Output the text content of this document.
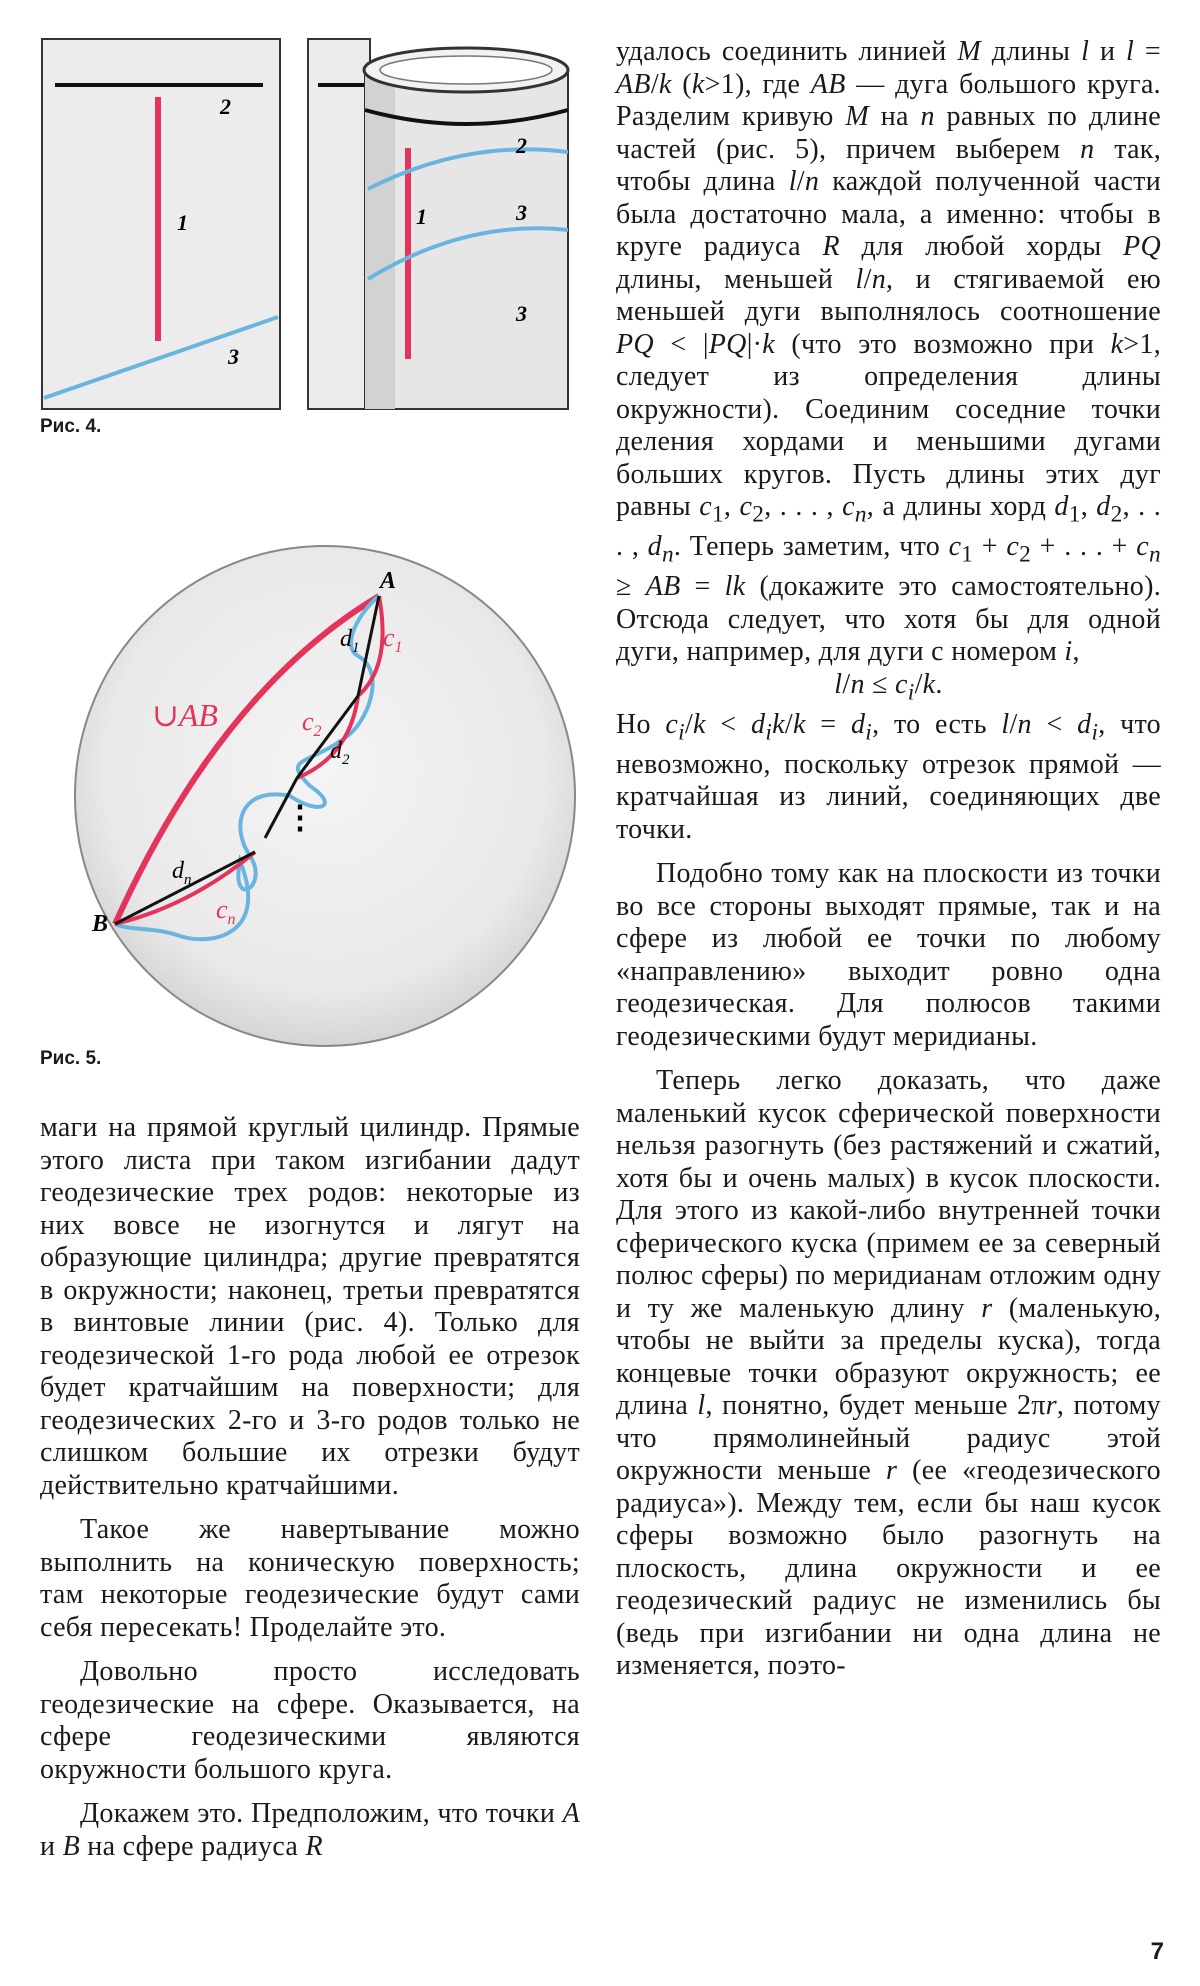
2
1
3
1
2
3
3
Рис. 4.
A
B
∪AB
$d_1$ $c_1$
$c_2$
$d_2$
⋮
$d_n$
$c_n$
Рис. 5.

маги на прямой круглый цилиндр. Прямые этого листа при таком изгибании дадут геодезические трех родов: некоторые из них вовсе не изогнутся и лягут на образующие цилиндра; другие превратятся в окружности; наконец, третьи превратятся в винтовые линии (рис. 4). Только для геодезической 1-го рода любой ее отрезок будет кратчайшим на поверхности; для геодезических 2-го и 3-го родов только не слишком большие их отрезки будут действительно кратчайшими.

Такое же навертывание можно выполнить на коническую поверхность; там некоторые геодезические будут сами себя пересекать! Проделайте это.

Довольно просто исследовать геодезические на сфере. Оказывается, на сфере геодезическими являются окружности большого круга.

Докажем это. Предположим, что точки A и B на сфере радиуса R

удалось соединить линией M длины l и l = AB/k (k>1), где AB — дуга большого круга. Разделим кривую M на n равных по длине частей (рис. 5), причем выберем n так, чтобы длина l/n каждой полученной части была достаточно мала, а именно: чтобы в круге радиуса R для любой хорды PQ длины, меньшей l/n, и стягиваемой ею меньшей дуги выполнялось соотношение PQ < |PQ|·k (что это возможно при k>1, следует из определения длины окружности). Соединим соседние точки деления хордами и меньшими дугами больших кругов. Пусть длины этих дуг равны $c_1$, $c_2$, . . . , $c_n$, а длины хорд $d_1$, $d_2$, . . . , $d_n$. Теперь заметим, что $c_1 + c_2$ + . . . + $c_n$ ≥ AB = lk (докажите это самостоятельно). Отсюда следует, что хотя бы для одной дуги, например, для дуги с номером i,

$l/n \le c_i/k$.

Но $c_i/k < d_ik/k = d_i$, то есть $l/n < d_i$, что невозможно, поскольку отрезок прямой — кратчайшая из линий, соединяющих две точки.

Подобно тому как на плоскости из точки во все стороны выходят прямые, так и на сфере из любой ее точки по любому «направлению» выходит ровно одна геодезическая. Для полюсов такими геодезическими будут меридианы.

Теперь легко доказать, что даже маленький кусок сферической поверхности нельзя разогнуть (без растяжений и сжатий, хотя бы и очень малых) в кусок плоскости. Для этого из какой-либо внутренней точки сферического куска (примем ее за северный полюс сферы) по меридианам отложим одну и ту же маленькую длину r (маленькую, чтобы не выйти за пределы куска), тогда концевые точки образуют окружность; ее длина l, понятно, будет меньше 2πr, потому что прямолинейный радиус этой окружности меньше r (ее «геодезического радиуса»). Между тем, если бы наш кусок сферы возможно было разогнуть на плоскость, длина окружности и ее геодезический радиус не изменились бы (ведь при изгибании ни одна длина не изменяется, поэто-

7
